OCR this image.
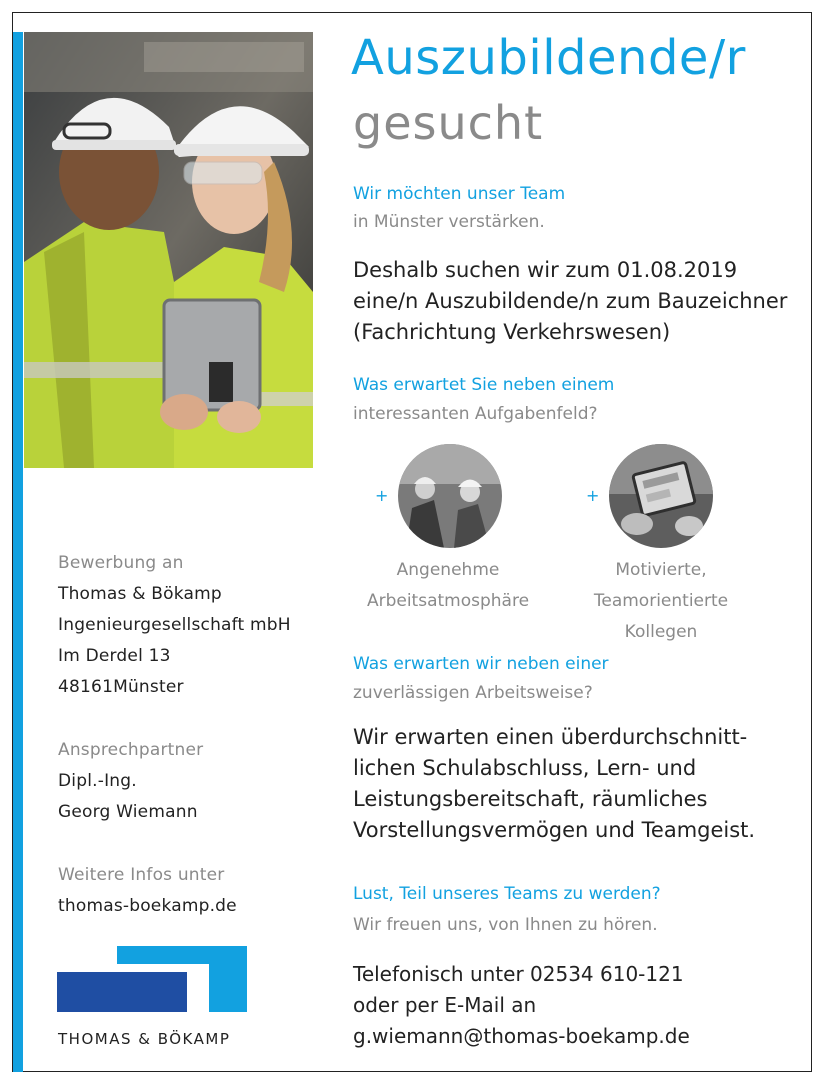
Auszubildende/r
gesucht
Wir möchten unser Team
in Münster verstärken.
Deshalb suchen wir zum 01.08.2019
eine/n Auszubildende/n zum Bauzeichner
(Fachrichtung Verkehrswesen)
Was erwartet Sie neben einem
interessanten Aufgabenfeld?
+
Angenehme
Arbeitsatmosphäre
+
Motivierte,
Teamorientierte
Kollegen
Was erwarten wir neben einer
zuverlässigen Arbeitsweise?
Wir erwarten einen überdurchschnitt-
lichen Schulabschluss, Lern- und
Leistungsbereitschaft, räumliches
Vorstellungsvermögen und Teamgeist.
Lust, Teil unseres Teams zu werden?
Wir freuen uns, von Ihnen zu hören.
Telefonisch unter 02534 610-121
oder per E-Mail an
g.wiemann@thomas-boekamp.de
Bewerbung an
Thomas & Bökamp
Ingenieurgesellschaft mbH
Im Derdel 13
48161Münster
Ansprechpartner
Dipl.-Ing.
Georg Wiemann
Weitere Infos unter
thomas-boekamp.de
THOMAS & BÖKAMP
